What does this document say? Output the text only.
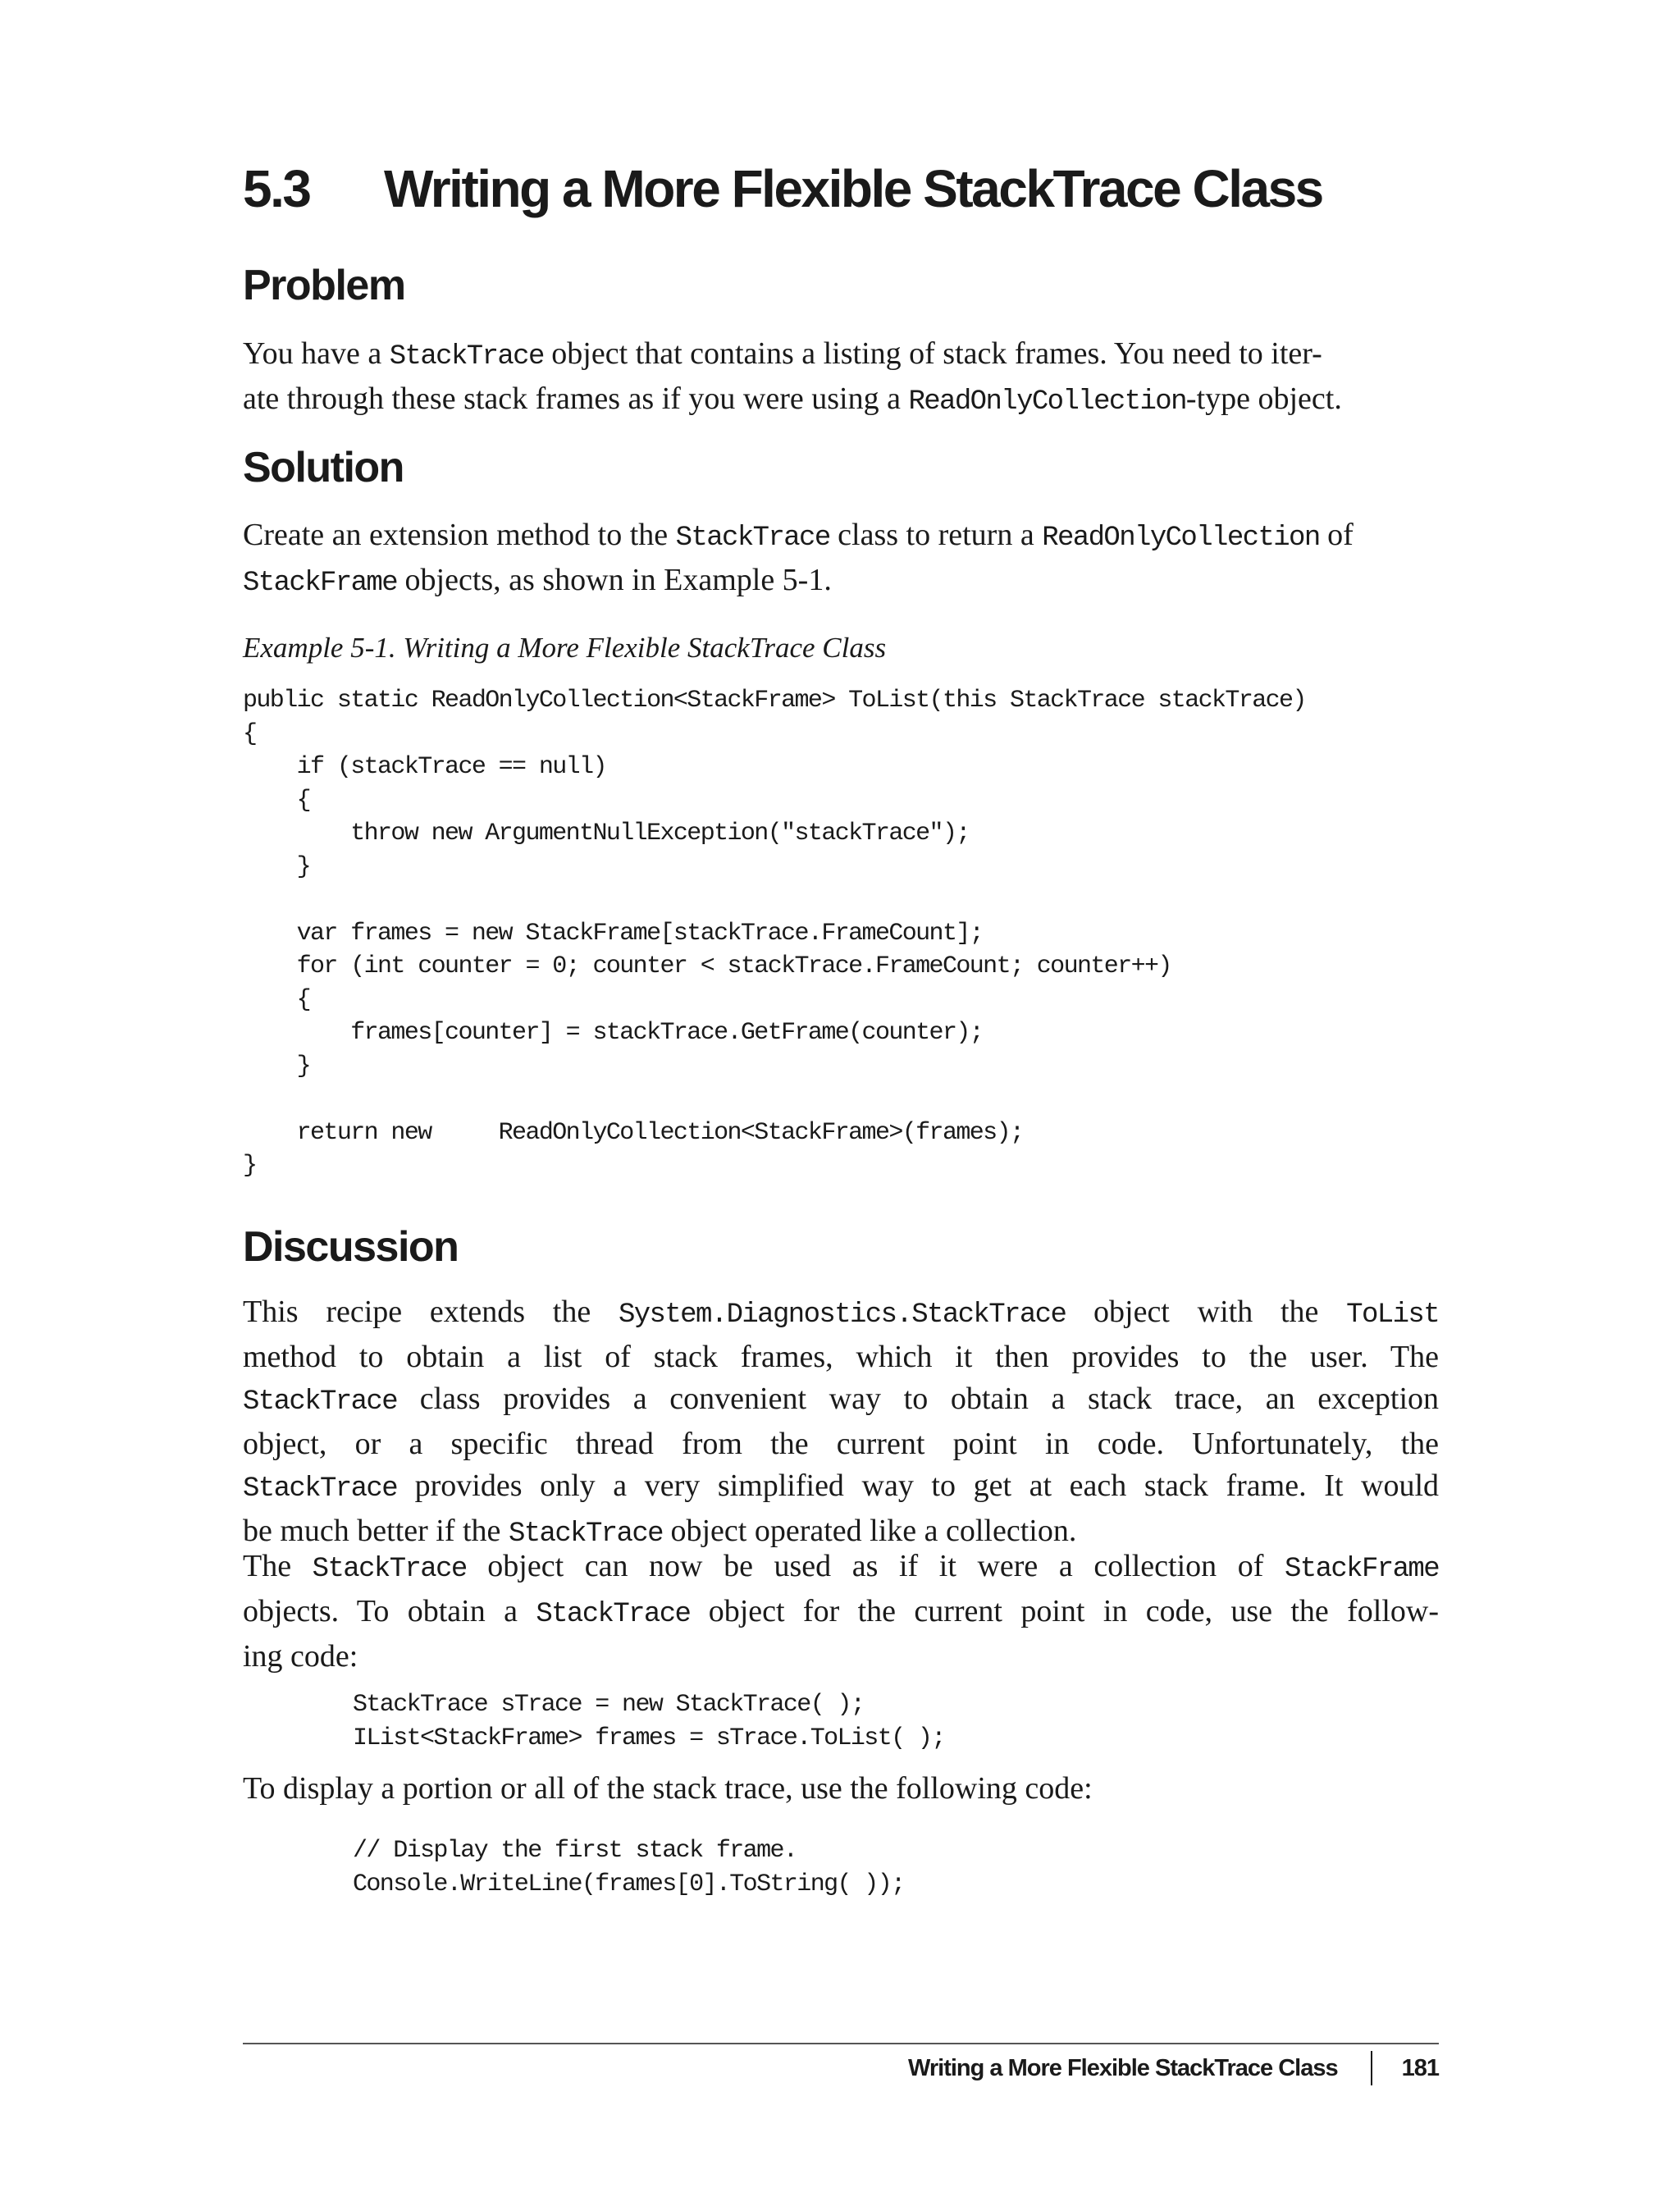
5.3 Writing a More Flexible StackTrace Class
Problem
You have a StackTrace object that contains a listing of stack frames. You need to iter-
ate through these stack frames as if you were using a ReadOnlyCollection-type object.
Solution
Create an extension method to the StackTrace class to return a ReadOnlyCollection of
StackFrame objects, as shown in Example 5-1.

Example 5-1. Writing a More Flexible StackTrace Class

public static ReadOnlyCollection<StackFrame> ToList(this StackTrace stackTrace)
{
if (stackTrace == null)
{
throw new ArgumentNullException("stackTrace");
}
var frames = new StackFrame[stackTrace.FrameCount];
for (int counter = 0; counter < stackTrace.FrameCount; counter++)
{
frames[counter] = stackTrace.GetFrame(counter);
}
return new     ReadOnlyCollection<StackFrame>(frames);
}
Discussion
This recipe extends the System.Diagnostics.StackTrace object with the ToList
method to obtain a list of stack frames, which it then provides to the user. The
StackTrace class provides a convenient way to obtain a stack trace, an exception
object, or a specific thread from the current point in code. Unfortunately, the
StackTrace provides only a very simplified way to get at each stack frame. It would
be much better if the StackTrace object operated like a collection.
The StackTrace object can now be used as if it were a collection of StackFrame
objects. To obtain a StackTrace object for the current point in code, use the follow-
ing code:
StackTrace sTrace = new StackTrace( );
IList<StackFrame> frames = sTrace.ToList( );
To display a portion or all of the stack trace, use the following code:
// Display the first stack frame.
Console.WriteLine(frames[0].ToString( ));
Writing a More Flexible StackTrace Class	181
